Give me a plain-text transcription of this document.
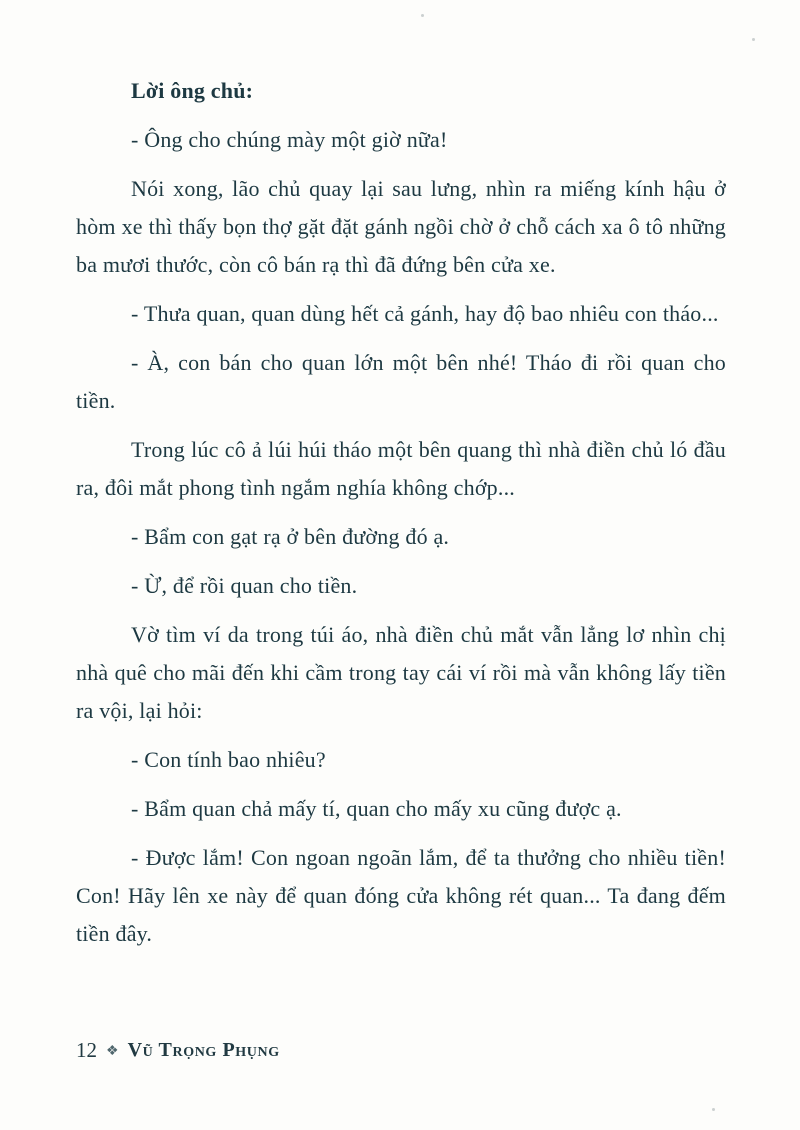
Lời ông chủ:

- Ông cho chúng mày một giờ nữa!

Nói xong, lão chủ quay lại sau lưng, nhìn ra miếng kính hậu ở hòm xe thì thấy bọn thợ gặt đặt gánh ngồi chờ ở chỗ cách xa ô tô những ba mươi thước, còn cô bán rạ thì đã đứng bên cửa xe.

- Thưa quan, quan dùng hết cả gánh, hay độ bao nhiêu con tháo...

- À, con bán cho quan lớn một bên nhé! Tháo đi rồi quan cho tiền.

Trong lúc cô ả lúi húi tháo một bên quang thì nhà điền chủ ló đầu ra, đôi mắt phong tình ngắm nghía không chớp...

- Bẩm con gạt rạ ở bên đường đó ạ.

- Ừ, để rồi quan cho tiền.

Vờ tìm ví da trong túi áo, nhà điền chủ mắt vẫn lẳng lơ nhìn chị nhà quê cho mãi đến khi cầm trong tay cái ví rồi mà vẫn không lấy tiền ra vội, lại hỏi:

- Con tính bao nhiêu?

- Bẩm quan chả mấy tí, quan cho mấy xu cũng được ạ.

- Được lắm! Con ngoan ngoãn lắm, để ta thưởng cho nhiều tiền! Con! Hãy lên xe này để quan đóng cửa không rét quan... Ta đang đếm tiền đây.

12 ❖ Vũ Trọng Phụng
